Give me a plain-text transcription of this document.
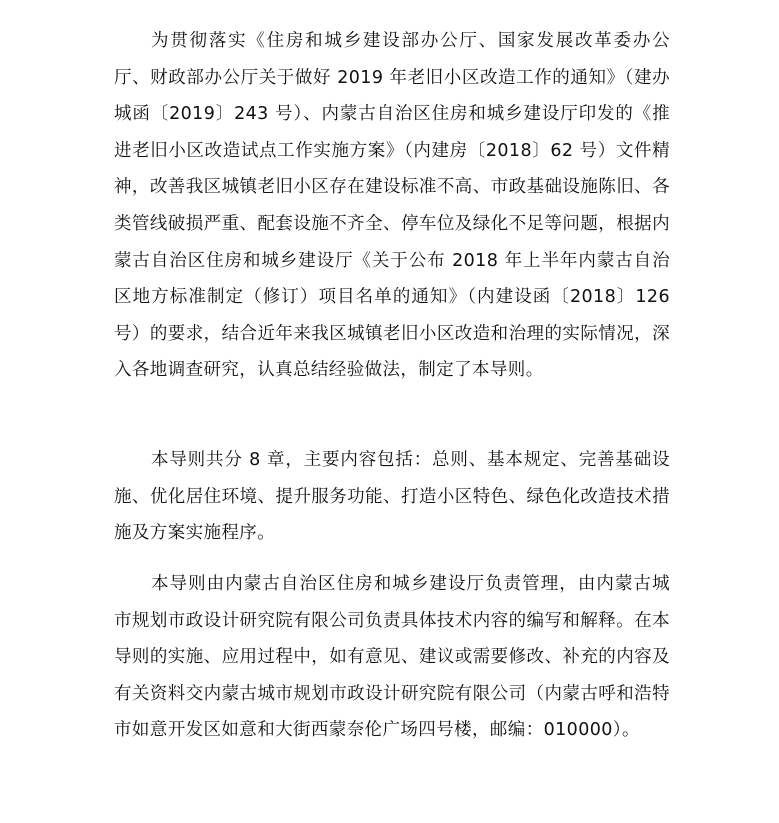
为贯彻落实《住房和城乡建设部办公厅、国家发展改革委办公厅、财政部办公厅关于做好 2019 年老旧小区改造工作的通知》（建办城函〔2019〕243 号）、内蒙古自治区住房和城乡建设厅印发的《推进老旧小区改造试点工作实施方案》（内建房〔2018〕62 号）文件精神，改善我区城镇老旧小区存在建设标准不高、市政基础设施陈旧、各类管线破损严重、配套设施不齐全、停车位及绿化不足等问题，根据内蒙古自治区住房和城乡建设厅《关于公布 2018 年上半年内蒙古自治区地方标准制定（修订）项目名单的通知》（内建设函〔2018〕126 号）的要求，结合近年来我区城镇老旧小区改造和治理的实际情况，深入各地调查研究，认真总结经验做法，制定了本导则。

本导则共分 8 章，主要内容包括：总则、基本规定、完善基础设施、优化居住环境、提升服务功能、打造小区特色、绿色化改造技术措施及方案实施程序。

本导则由内蒙古自治区住房和城乡建设厅负责管理，由内蒙古城市规划市政设计研究院有限公司负责具体技术内容的编写和解释。在本导则的实施、应用过程中，如有意见、建议或需要修改、补充的内容及有关资料交内蒙古城市规划市政设计研究院有限公司（内蒙古呼和浩特市如意开发区如意和大街西蒙奈伦广场四号楼，邮编：010000）。
